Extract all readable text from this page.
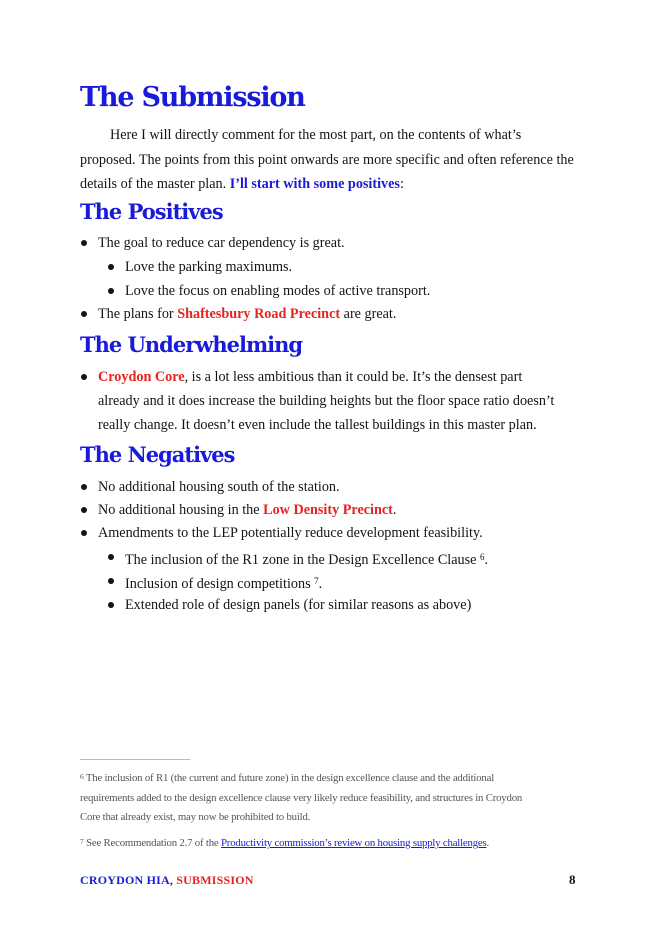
The Submission

Here I will directly comment for the most part, on the contents of what’s proposed. The points from this point onwards are more specific and often reference the details of the master plan. I’ll start with some positives:

The Positives

The goal to reduce car dependency is great.

Love the parking maximums.

Love the focus on enabling modes of active transport.

The plans for Shaftesbury Road Precinct are great.

The Underwhelming

Croydon Core, is a lot less ambitious than it could be. It’s the densest part

already and it does increase the building heights but the floor space ratio doesn’t

really change. It doesn’t even include the tallest buildings in this master plan.

The Negatives

No additional housing south of the station.

No additional housing in the Low Density Precinct.

Amendments to the LEP potentially reduce development feasibility.

The inclusion of the R1 zone in the Design Excellence Clause $^6$.

Inclusion of design competitions $^7$.

Extended role of design panels (for similar reasons as above)

6 The inclusion of R1 (the current and future zone) in the design excellence clause and the additional
requirements added to the design excellence clause very likely reduce feasibility, and structures in Croydon
Core that already exist, may now be prohibited to build.

7 See Recommendation 2.7 of the Productivity commission’s review on housing supply challenges.

CROYDON HIA, SUBMISSION	8
